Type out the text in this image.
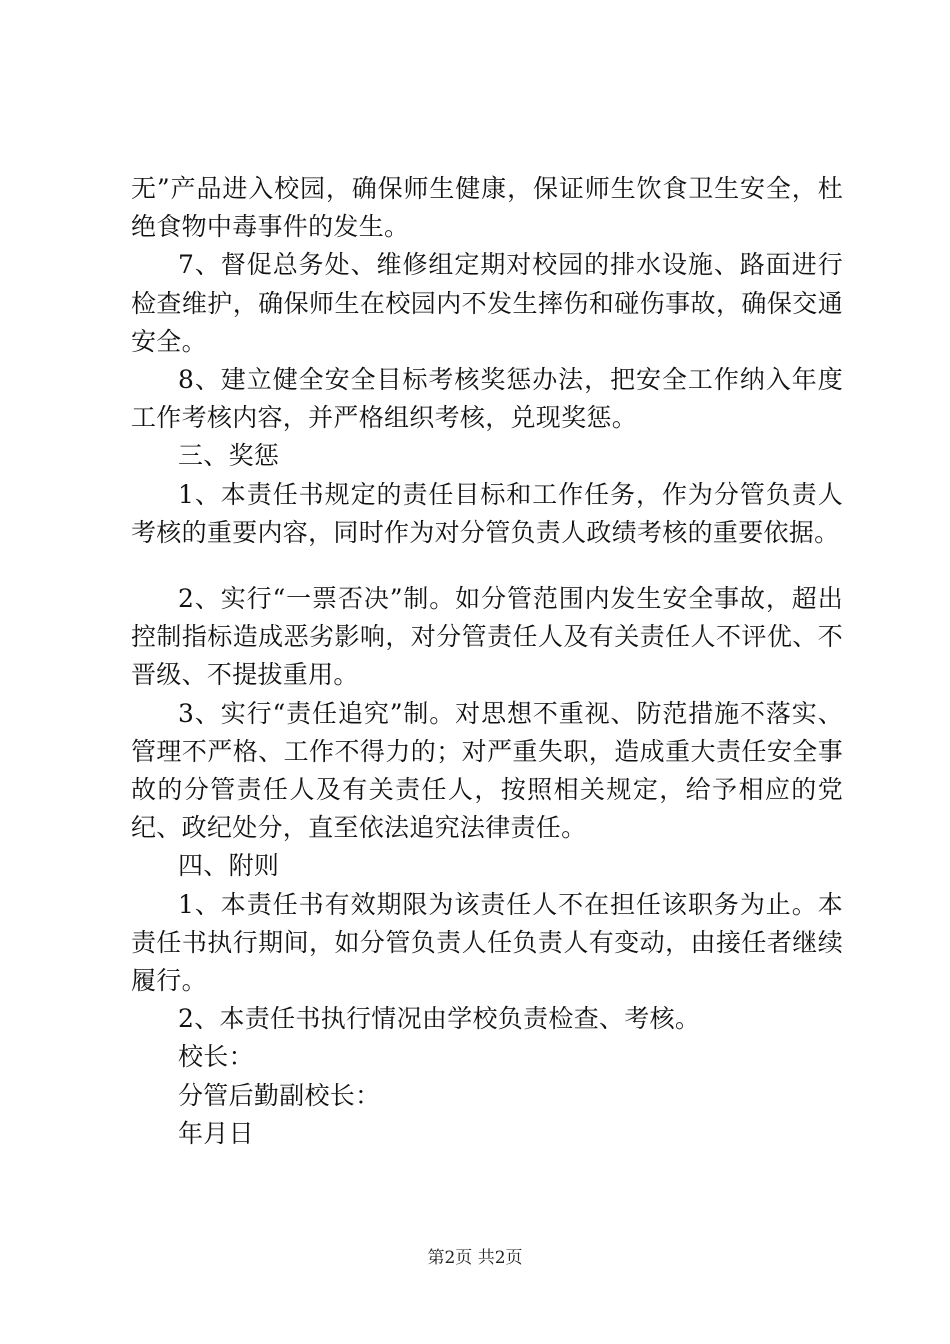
无”产品进入校园，确保师生健康，保证师生饮食卫生安全，杜绝食物中毒事件的发生。

7、督促总务处、维修组定期对校园的排水设施、路面进行检查维护，确保师生在校园内不发生摔伤和碰伤事故，确保交通安全。

8、建立健全安全目标考核奖惩办法，把安全工作纳入年度工作考核内容，并严格组织考核，兑现奖惩。

三、奖惩

1、本责任书规定的责任目标和工作任务，作为分管负责人考核的重要内容，同时作为对分管负责人政绩考核的重要依据。

2、实行“一票否决”制。如分管范围内发生安全事故，超出控制指标造成恶劣影响，对分管责任人及有关责任人不评优、不晋级、不提拔重用。

3、实行“责任追究”制。对思想不重视、防范措施不落实、管理不严格、工作不得力的；对严重失职，造成重大责任安全事故的分管责任人及有关责任人，按照相关规定，给予相应的党纪、政纪处分，直至依法追究法律责任。

四、附则

1、本责任书有效期限为该责任人不在担任该职务为止。本责任书执行期间，如分管负责人任负责人有变动，由接任者继续履行。

2、本责任书执行情况由学校负责检查、考核。

校长：

分管后勤副校长：

年月日

第2页 共2页
